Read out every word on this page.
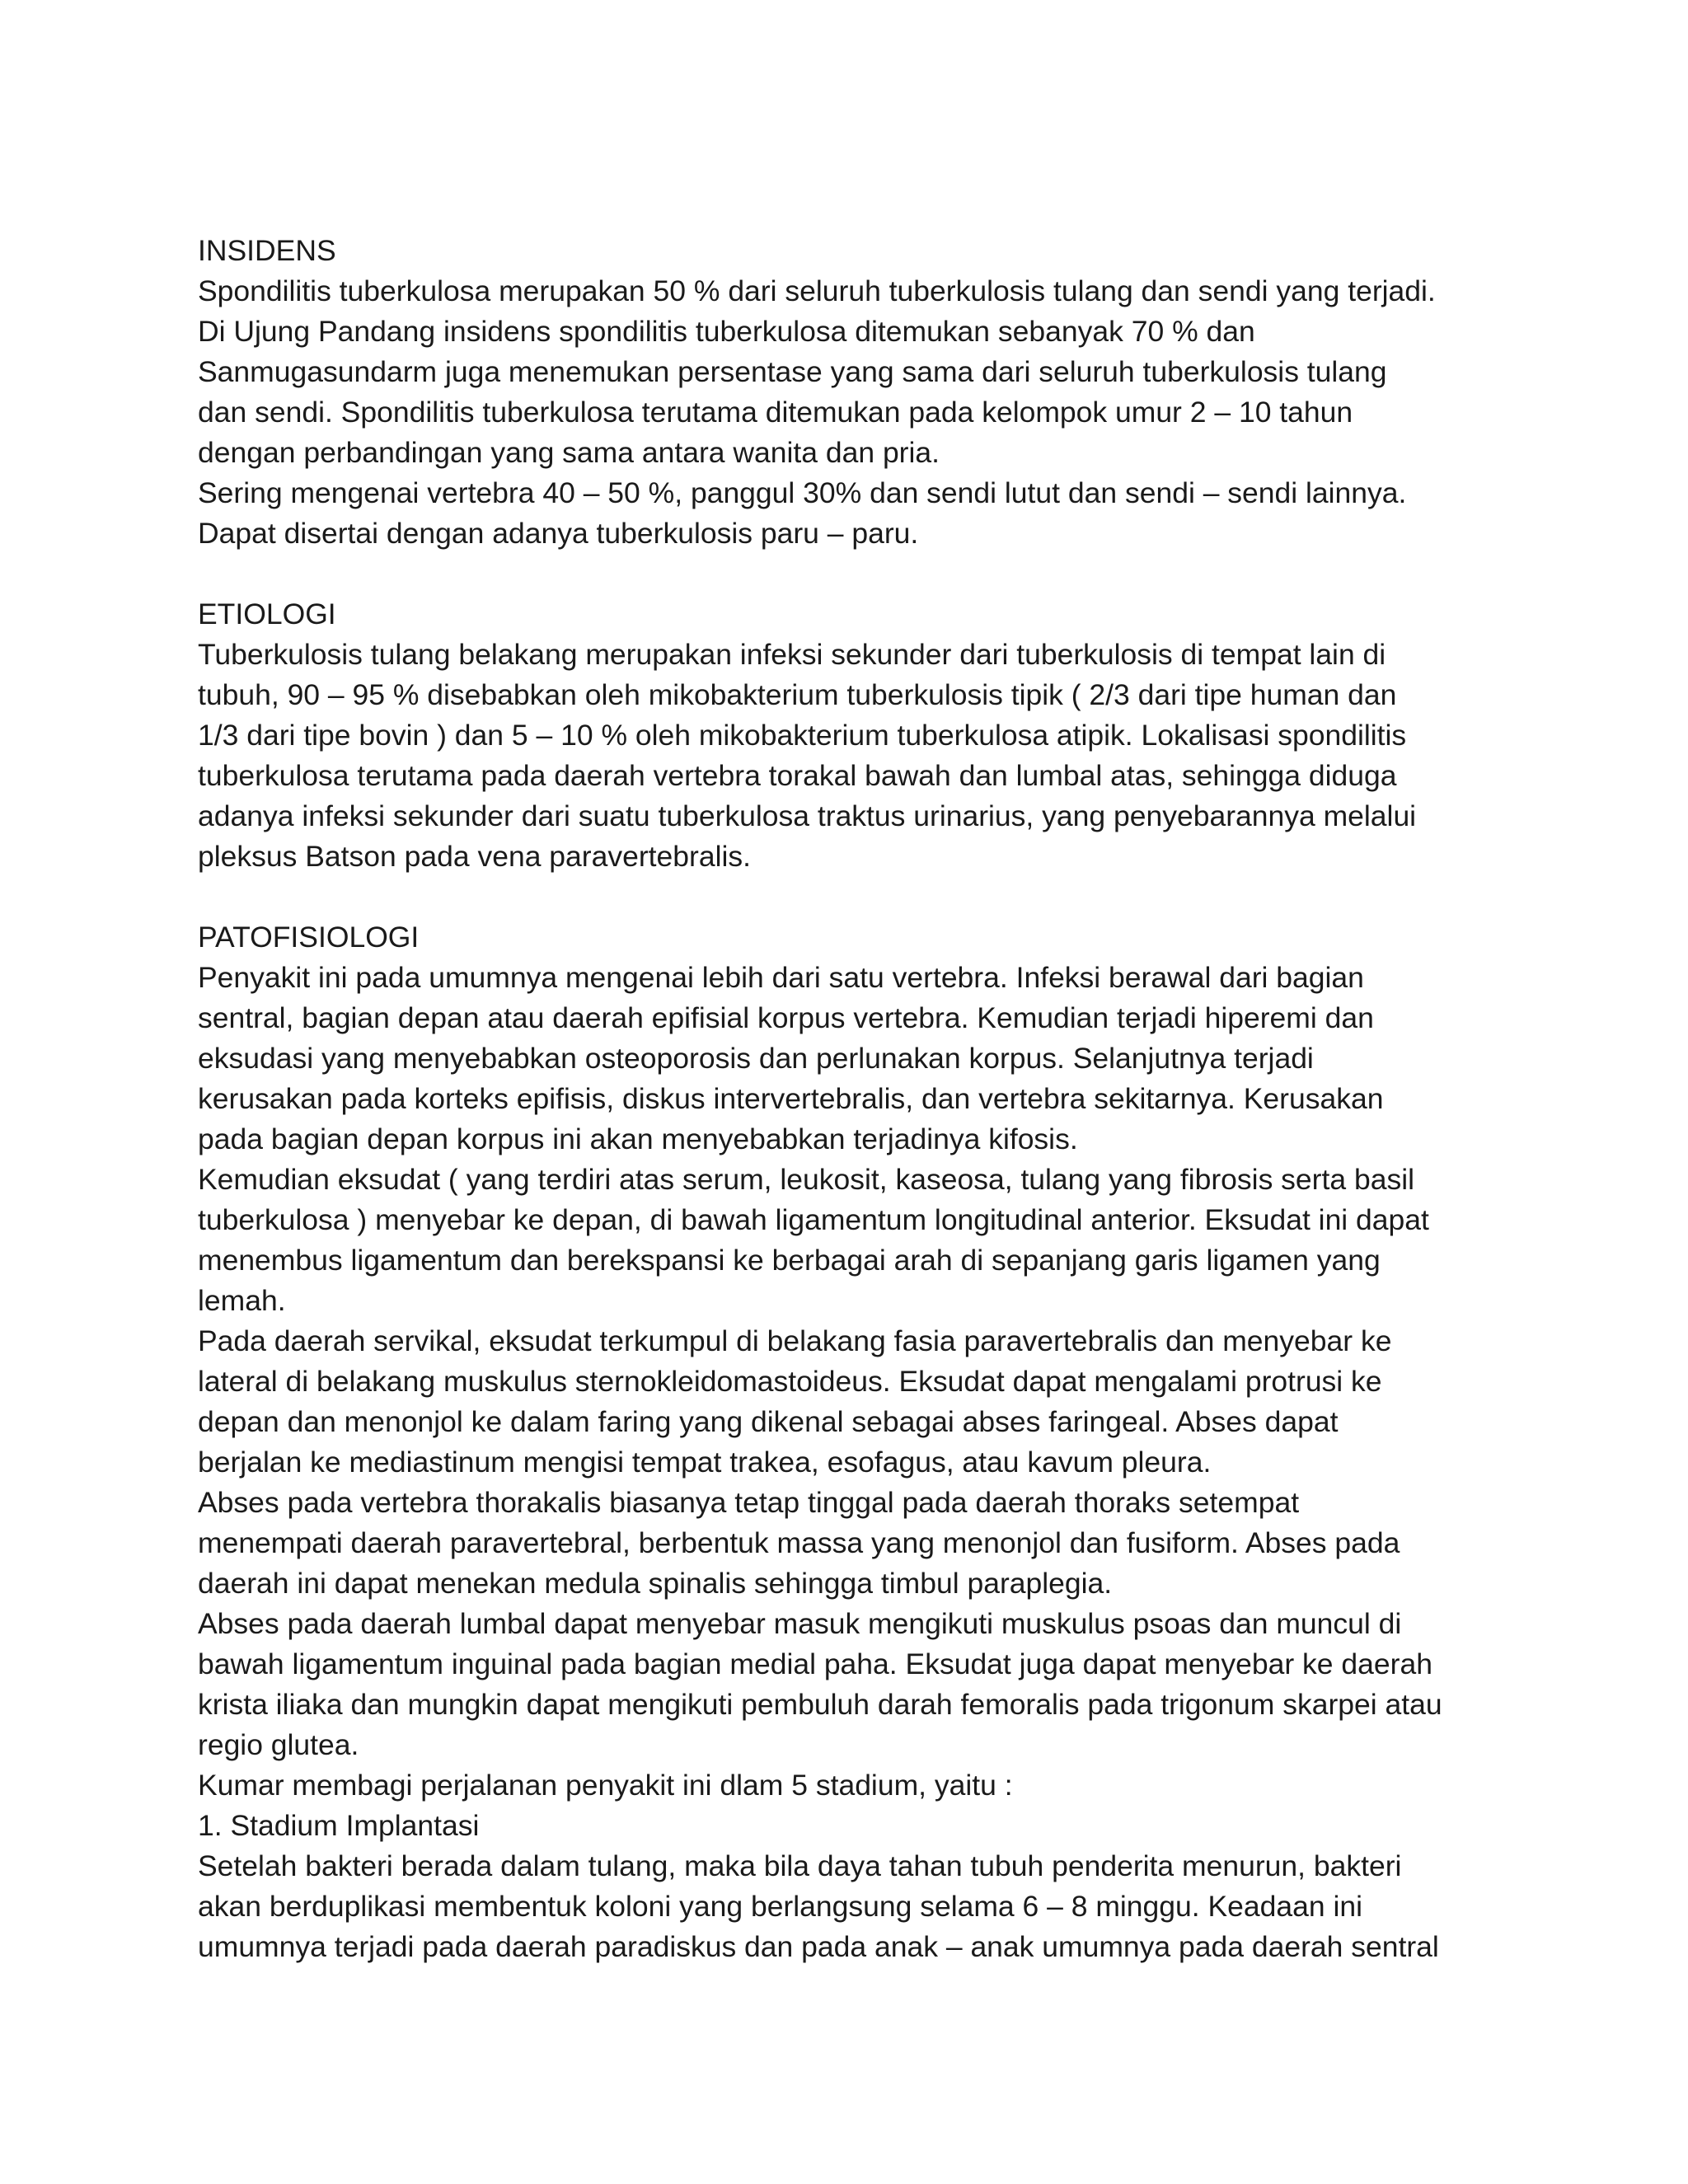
INSIDENS

Spondilitis tuberkulosa merupakan 50 % dari seluruh tuberkulosis tulang dan sendi yang terjadi.

Di Ujung Pandang insidens spondilitis tuberkulosa ditemukan sebanyak 70 % dan

Sanmugasundarm juga menemukan persentase yang sama dari seluruh tuberkulosis tulang

dan sendi. Spondilitis tuberkulosa terutama ditemukan pada kelompok umur 2 – 10 tahun

dengan perbandingan yang sama antara wanita dan pria.

Sering mengenai vertebra 40 – 50 %, panggul 30% dan sendi lutut dan sendi – sendi lainnya.

Dapat disertai dengan adanya tuberkulosis paru – paru.

ETIOLOGI

Tuberkulosis tulang belakang merupakan infeksi sekunder dari tuberkulosis di tempat lain di

tubuh, 90 – 95 % disebabkan oleh mikobakterium tuberkulosis tipik ( 2/3 dari tipe human dan

1/3 dari tipe bovin ) dan 5 – 10 % oleh mikobakterium tuberkulosa atipik. Lokalisasi spondilitis

tuberkulosa terutama pada daerah vertebra torakal bawah dan lumbal atas, sehingga diduga

adanya infeksi sekunder dari suatu tuberkulosa traktus urinarius, yang penyebarannya melalui

pleksus Batson pada vena paravertebralis.

PATOFISIOLOGI

Penyakit ini pada umumnya mengenai lebih dari satu vertebra. Infeksi berawal dari bagian

sentral, bagian depan atau daerah epifisial korpus vertebra. Kemudian terjadi hiperemi dan

eksudasi yang menyebabkan osteoporosis dan perlunakan korpus. Selanjutnya terjadi

kerusakan pada korteks epifisis, diskus intervertebralis, dan vertebra sekitarnya. Kerusakan

pada bagian depan korpus ini akan menyebabkan terjadinya kifosis.

Kemudian eksudat ( yang terdiri atas serum, leukosit, kaseosa, tulang yang fibrosis serta basil

tuberkulosa ) menyebar ke depan, di bawah ligamentum longitudinal anterior. Eksudat ini dapat

menembus ligamentum dan berekspansi ke berbagai arah di sepanjang garis ligamen yang

lemah.

Pada daerah servikal, eksudat terkumpul di belakang fasia paravertebralis dan menyebar ke

lateral di belakang muskulus sternokleidomastoideus. Eksudat dapat mengalami protrusi ke

depan dan menonjol ke dalam faring yang dikenal sebagai abses faringeal. Abses dapat

berjalan ke mediastinum mengisi tempat trakea, esofagus, atau kavum pleura.

Abses pada vertebra thorakalis biasanya tetap tinggal pada daerah thoraks setempat

menempati daerah paravertebral, berbentuk massa yang menonjol dan fusiform. Abses pada

daerah ini dapat menekan medula spinalis sehingga timbul paraplegia.

Abses pada daerah lumbal dapat menyebar masuk mengikuti muskulus psoas dan muncul di

bawah ligamentum inguinal pada bagian medial paha. Eksudat juga dapat menyebar ke daerah

krista iliaka dan mungkin dapat mengikuti pembuluh darah femoralis pada trigonum skarpei atau

regio glutea.

Kumar membagi perjalanan penyakit ini dlam 5 stadium, yaitu :

1. Stadium Implantasi

Setelah bakteri berada dalam tulang, maka bila daya tahan tubuh penderita menurun, bakteri

akan berduplikasi membentuk koloni yang berlangsung selama 6 – 8 minggu. Keadaan ini

umumnya terjadi pada daerah paradiskus dan pada anak – anak umumnya pada daerah sentral
